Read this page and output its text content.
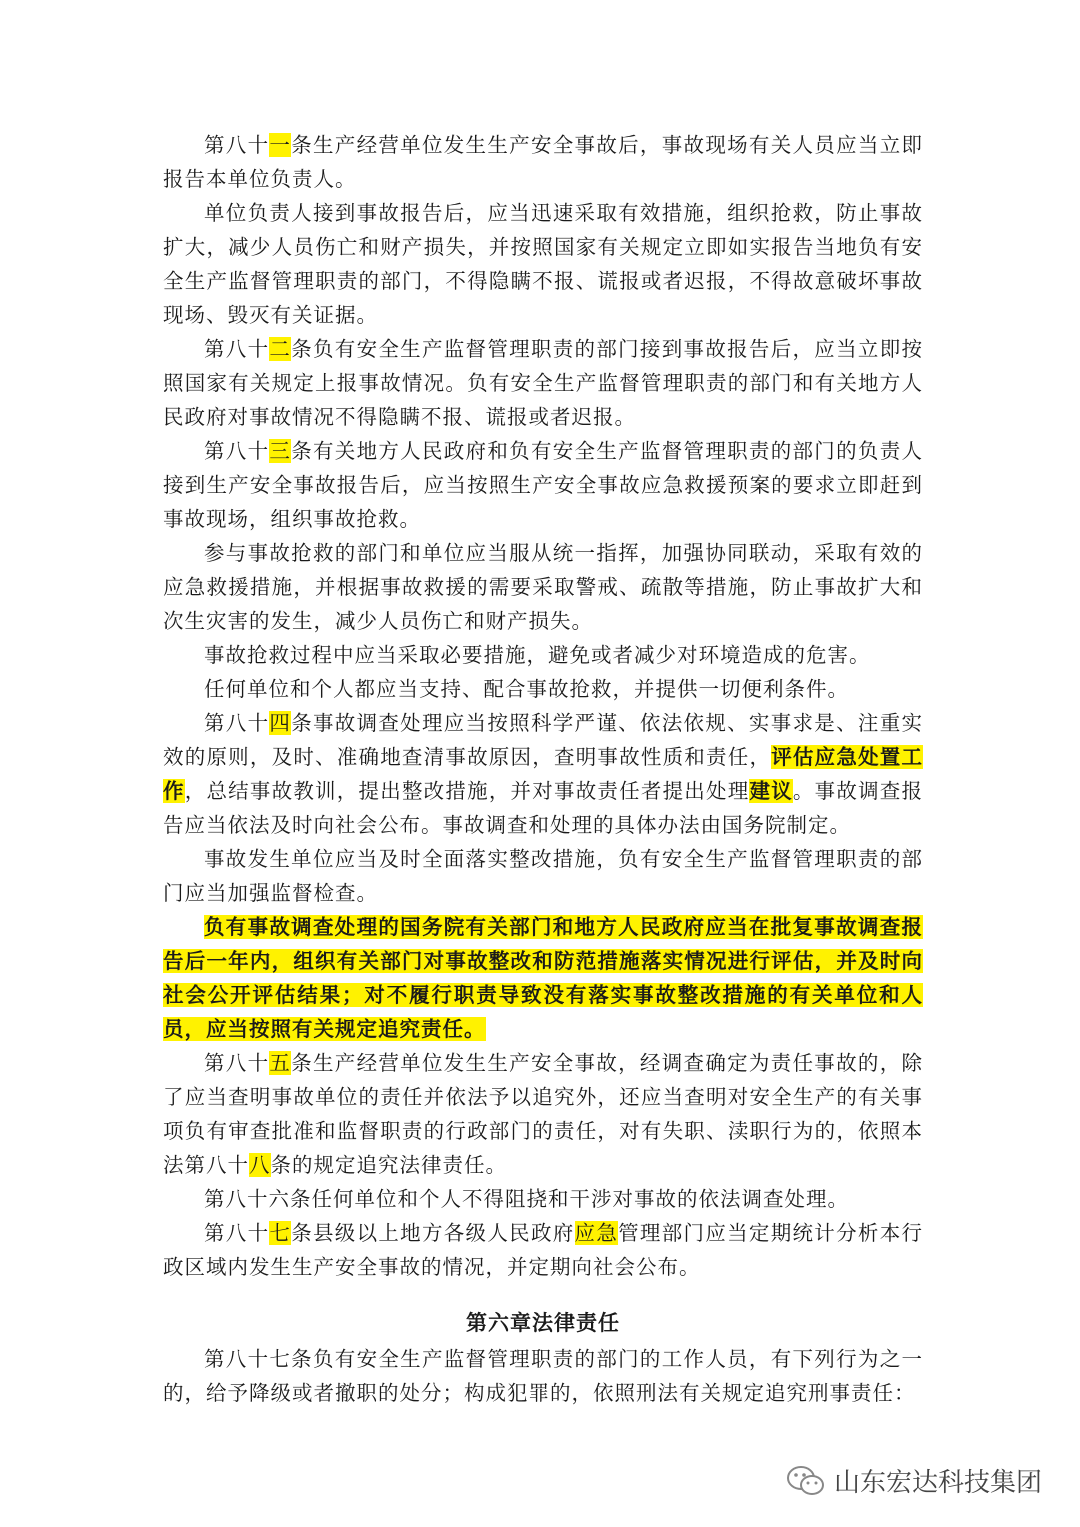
第八十一条生产经营单位发生生产安全事故后，事故现场有关人员应当立即报告本单位负责人。

单位负责人接到事故报告后，应当迅速采取有效措施，组织抢救，防止事故扩大，减少人员伤亡和财产损失，并按照国家有关规定立即如实报告当地负有安全生产监督管理职责的部门，不得隐瞒不报、谎报或者迟报，不得故意破坏事故现场、毁灭有关证据。

第八十二条负有安全生产监督管理职责的部门接到事故报告后，应当立即按照国家有关规定上报事故情况。负有安全生产监督管理职责的部门和有关地方人民政府对事故情况不得隐瞒不报、谎报或者迟报。

第八十三条有关地方人民政府和负有安全生产监督管理职责的部门的负责人接到生产安全事故报告后，应当按照生产安全事故应急救援预案的要求立即赶到事故现场，组织事故抢救。

参与事故抢救的部门和单位应当服从统一指挥，加强协同联动，采取有效的应急救援措施，并根据事故救援的需要采取警戒、疏散等措施，防止事故扩大和次生灾害的发生，减少人员伤亡和财产损失。

事故抢救过程中应当采取必要措施，避免或者减少对环境造成的危害。

任何单位和个人都应当支持、配合事故抢救，并提供一切便利条件。

第八十四条事故调查处理应当按照科学严谨、依法依规、实事求是、注重实效的原则，及时、准确地查清事故原因，查明事故性质和责任，评估应急处置工作，总结事故教训，提出整改措施，并对事故责任者提出处理建议。事故调查报告应当依法及时向社会公布。事故调查和处理的具体办法由国务院制定。

事故发生单位应当及时全面落实整改措施，负有安全生产监督管理职责的部门应当加强监督检查。

负有事故调查处理的国务院有关部门和地方人民政府应当在批复事故调查报告后一年内，组织有关部门对事故整改和防范措施落实情况进行评估，并及时向社会公开评估结果；对不履行职责导致没有落实事故整改措施的有关单位和人员，应当按照有关规定追究责任。

第八十五条生产经营单位发生生产安全事故，经调查确定为责任事故的，除了应当查明事故单位的责任并依法予以追究外，还应当查明对安全生产的有关事项负有审查批准和监督职责的行政部门的责任，对有失职、渎职行为的，依照本法第八十八条的规定追究法律责任。

第八十六条任何单位和个人不得阻挠和干涉对事故的依法调查处理。

第八十七条县级以上地方各级人民政府应急管理部门应当定期统计分析本行政区域内发生生产安全事故的情况，并定期向社会公布。

第六章法律责任

第八十七条负有安全生产监督管理职责的部门的工作人员，有下列行为之一的，给予降级或者撤职的处分；构成犯罪的，依照刑法有关规定追究刑事责任：

山东宏达科技集团
